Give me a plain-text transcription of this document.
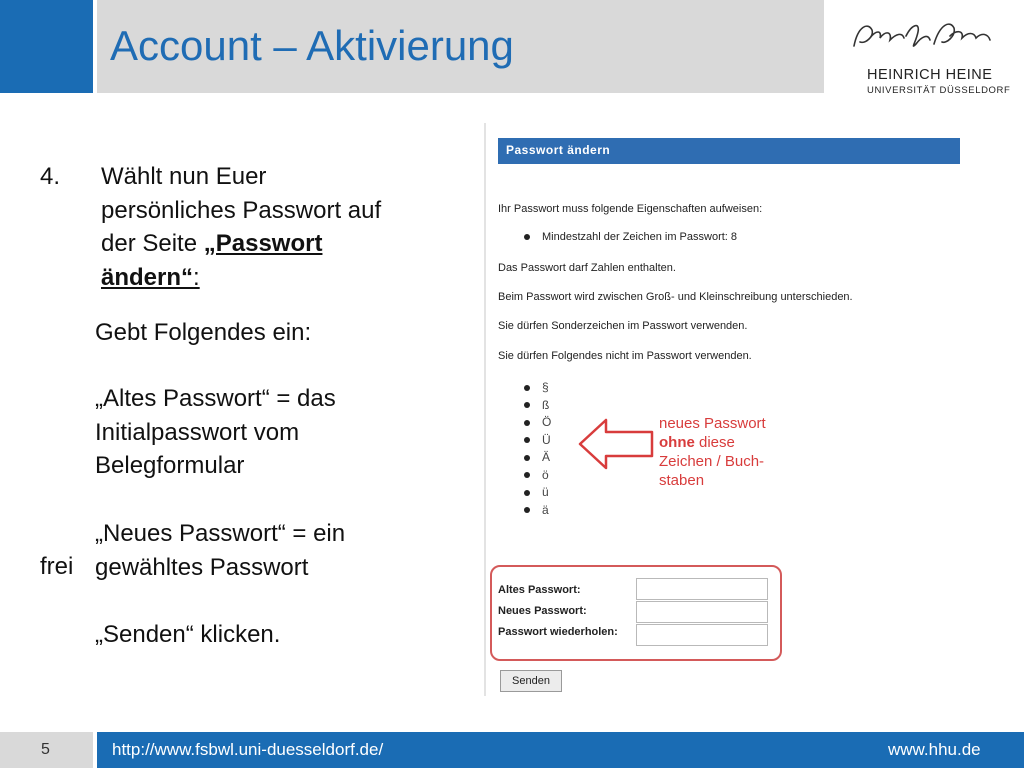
Account – Aktivierung
HEINRICH HEINE
UNIVERSITÄT DÜSSELDORF
4. Wählt nun Euer
persönliches Passwort auf
der Seite „Passwort
ändern“:
Gebt Folgendes ein:
„Altes Passwort“ = das
Initialpasswort vom
Belegformular
„Neues Passwort“ = ein
gewähltes Passwort
frei
„Senden“ klicken.
Passwort ändern
Ihr Passwort muss folgende Eigenschaften aufweisen:
Mindestzahl der Zeichen im Passwort: 8
Das Passwort darf Zahlen enthalten.
Beim Passwort wird zwischen Groß- und Kleinschreibung unterschieden.
Sie dürfen Sonderzeichen im Passwort verwenden.
Sie dürfen Folgendes nicht im Passwort verwenden.
§
ß
Ö
Ü
Ä
ö
ü
ä
neues Passwort
ohne diese
Zeichen / Buch-
staben
Altes Passwort:
Neues Passwort:
Passwort wiederholen:
Senden
5	http://www.fsbwl.uni-duesseldorf.de/	www.hhu.de
